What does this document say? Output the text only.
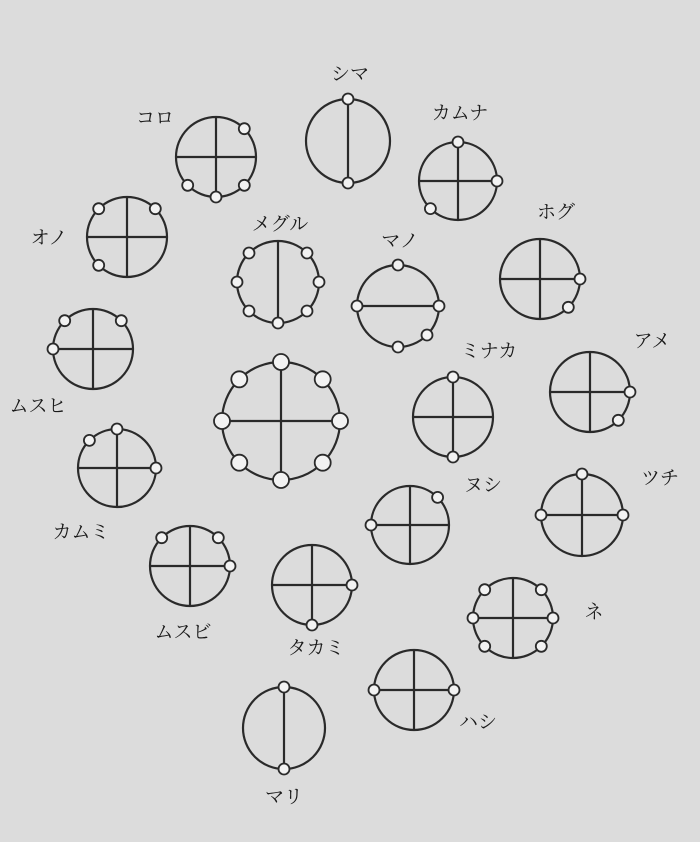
コロ
シマ
カムナ
オノ
メグル
マノ
ホグ
ムスヒ
ミナカ	アメ
カムミ
ヌシ	ツチ
ムスビ
タカミ
ネ
ハシ
マリ
